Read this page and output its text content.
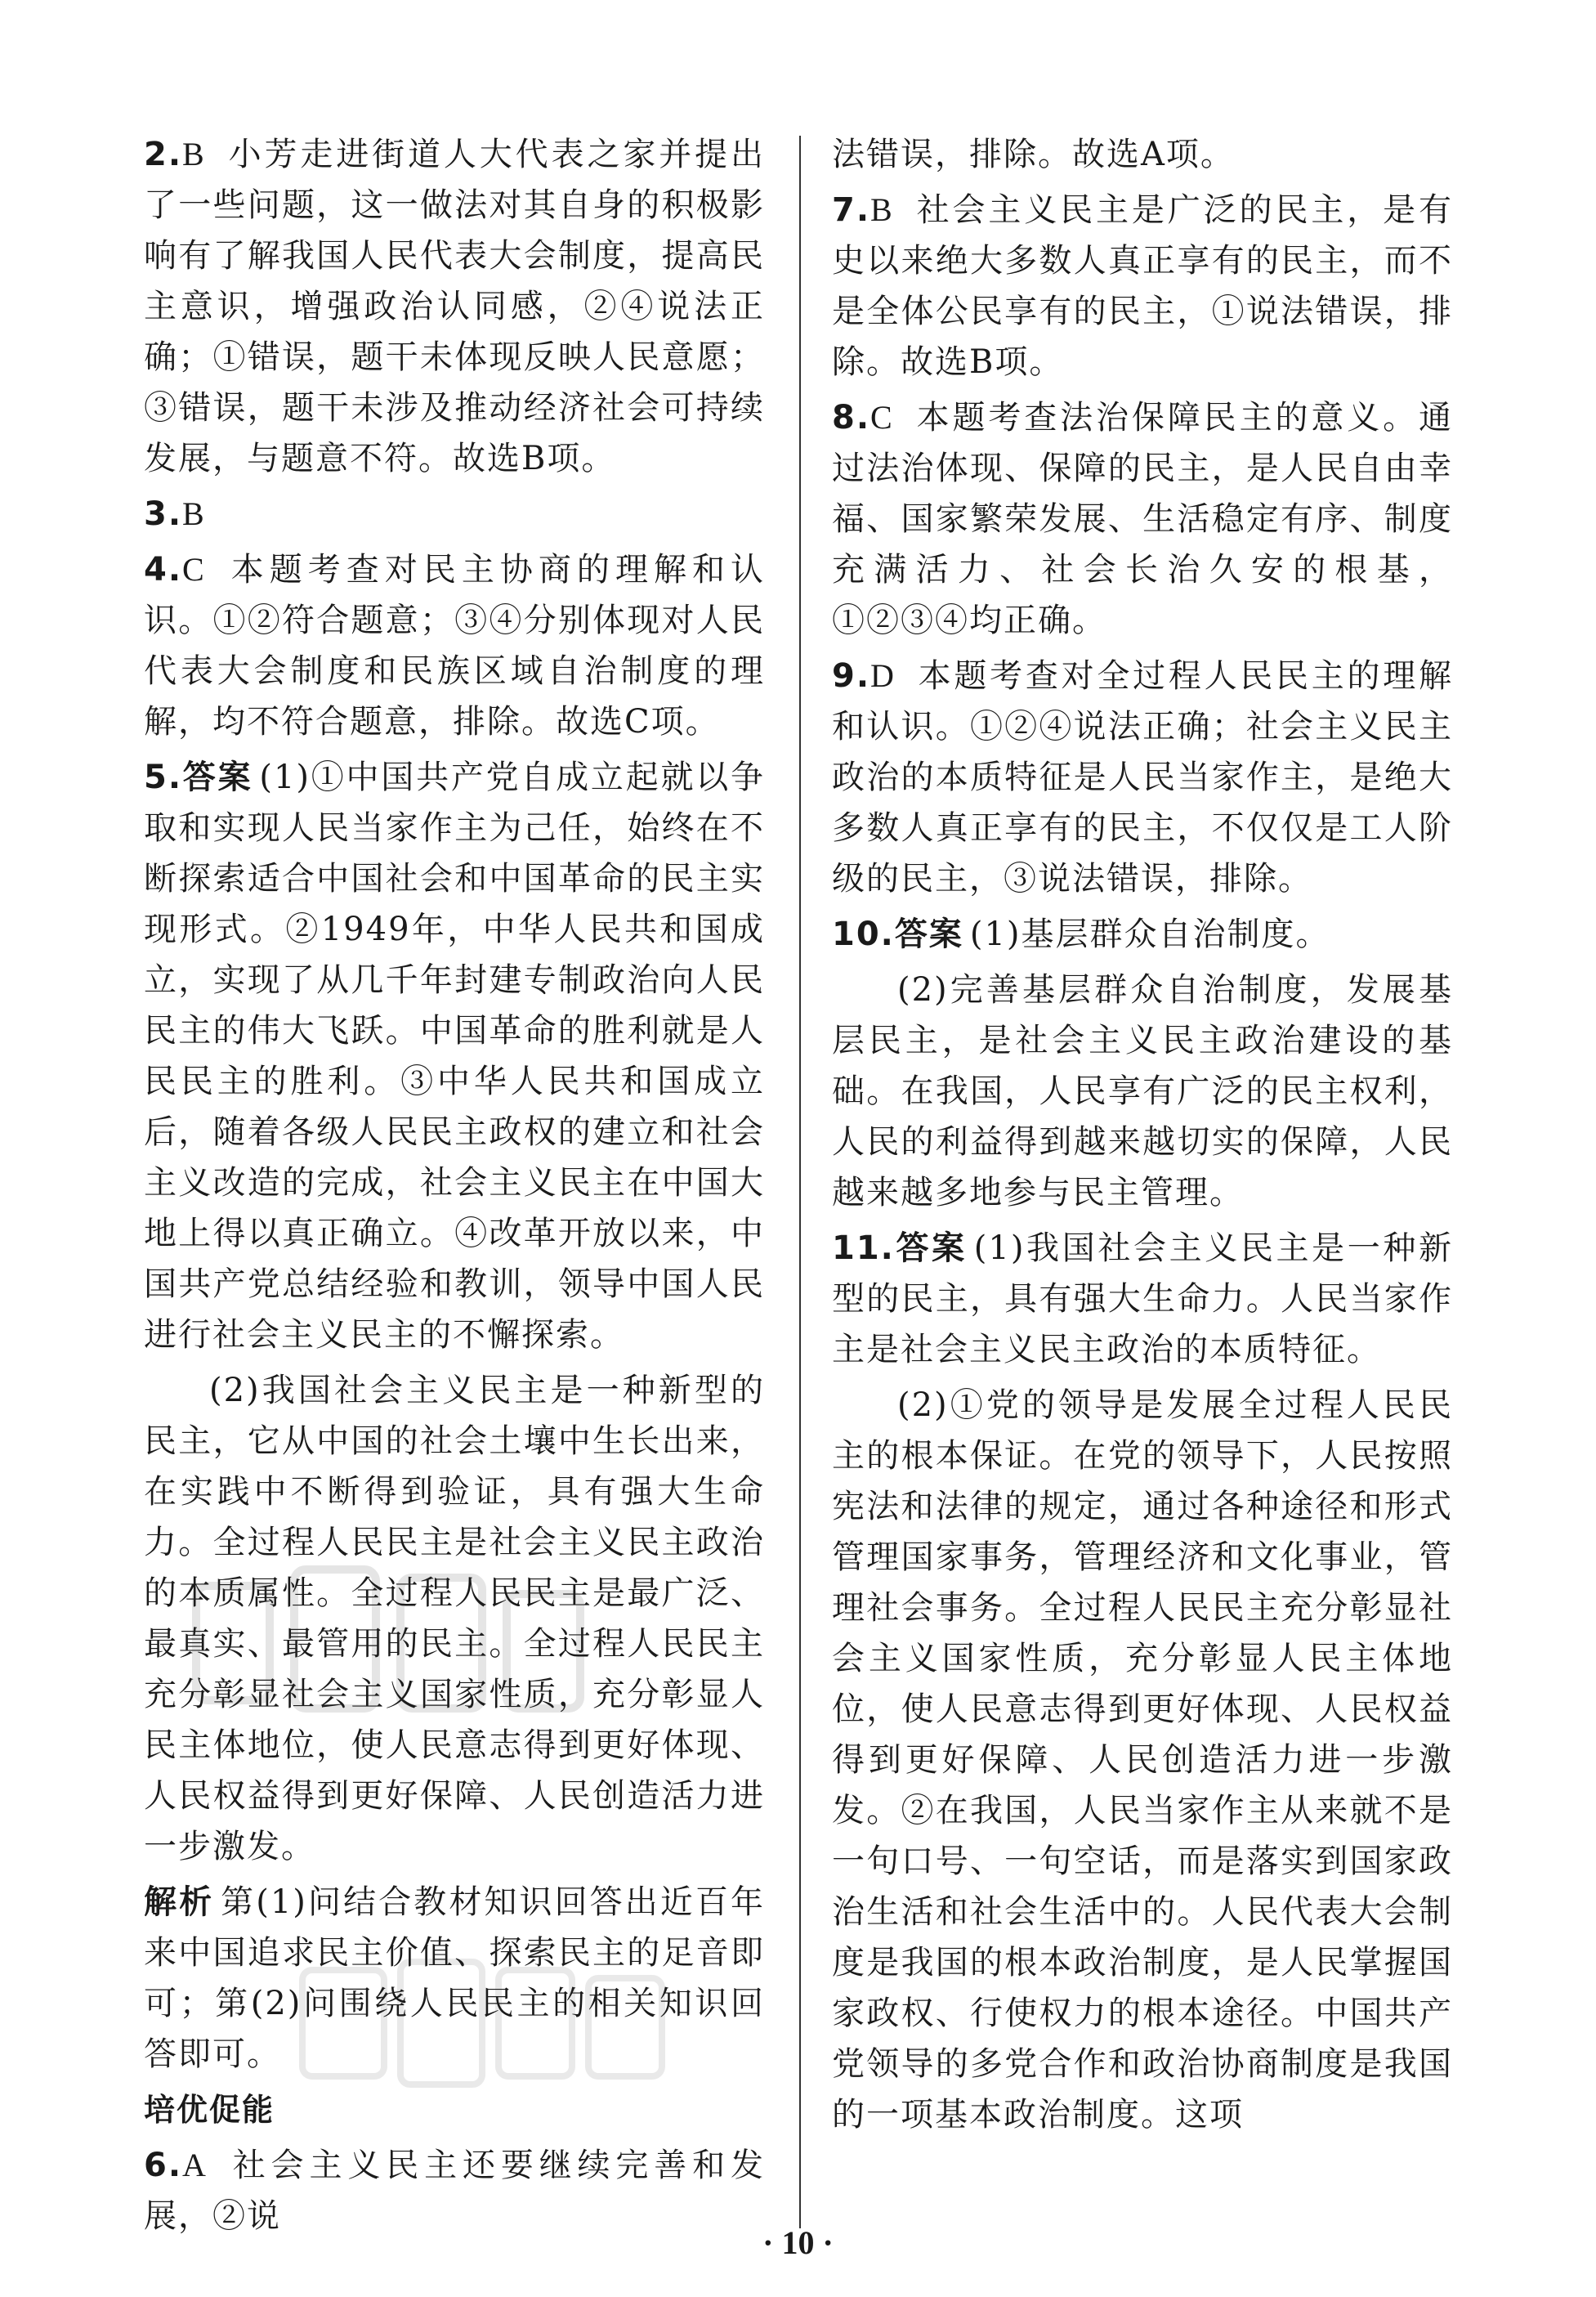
2.B 小芳走进街道人大代表之家并提出了一些问题，这一做法对其自身的积极影响有了解我国人民代表大会制度，提高民主意识，增强政治认同感，②④说法正确；①错误，题干未体现反映人民意愿；③错误，题干未涉及推动经济社会可持续发展，与题意不符。故选B项。

3.B

4.C 本题考查对民主协商的理解和认识。①②符合题意；③④分别体现对人民代表大会制度和民族区域自治制度的理解，均不符合题意，排除。故选C项。

5.答案 (1)①中国共产党自成立起就以争取和实现人民当家作主为己任，始终在不断探索适合中国社会和中国革命的民主实现形式。②1949年，中华人民共和国成立，实现了从几千年封建专制政治向人民民主的伟大飞跃。中国革命的胜利就是人民民主的胜利。③中华人民共和国成立后，随着各级人民民主政权的建立和社会主义改造的完成，社会主义民主在中国大地上得以真正确立。④改革开放以来，中国共产党总结经验和教训，领导中国人民进行社会主义民主的不懈探索。

(2)我国社会主义民主是一种新型的民主，它从中国的社会土壤中生长出来，在实践中不断得到验证，具有强大生命力。全过程人民民主是社会主义民主政治的本质属性。全过程人民民主是最广泛、最真实、最管用的民主。全过程人民民主充分彰显社会主义国家性质，充分彰显人民主体地位，使人民意志得到更好体现、人民权益得到更好保障、人民创造活力进一步激发。

解析 第(1)问结合教材知识回答出近百年来中国追求民主价值、探索民主的足音即可；第(2)问围绕人民民主的相关知识回答即可。

培优促能

6.A 社会主义民主还要继续完善和发展，②说

法错误，排除。故选A项。

7.B 社会主义民主是广泛的民主，是有史以来绝大多数人真正享有的民主，而不是全体公民享有的民主，①说法错误，排除。故选B项。

8.C 本题考查法治保障民主的意义。通过法治体现、保障的民主，是人民自由幸福、国家繁荣发展、生活稳定有序、制度充满活力、社会长治久安的根基，①②③④均正确。

9.D 本题考查对全过程人民民主的理解和认识。①②④说法正确；社会主义民主政治的本质特征是人民当家作主，是绝大多数人真正享有的民主，不仅仅是工人阶级的民主，③说法错误，排除。

10.答案 (1)基层群众自治制度。

(2)完善基层群众自治制度，发展基层民主，是社会主义民主政治建设的基础。在我国，人民享有广泛的民主权利，人民的利益得到越来越切实的保障，人民越来越多地参与民主管理。

11.答案 (1)我国社会主义民主是一种新型的民主，具有强大生命力。人民当家作主是社会主义民主政治的本质特征。

(2)①党的领导是发展全过程人民民主的根本保证。在党的领导下，人民按照宪法和法律的规定，通过各种途径和形式管理国家事务，管理经济和文化事业，管理社会事务。全过程人民民主充分彰显社会主义国家性质，充分彰显人民主体地位，使人民意志得到更好体现、人民权益得到更好保障、人民创造活力进一步激发。②在我国，人民当家作主从来就不是一句口号、一句空话，而是落实到国家政治生活和社会生活中的。人民代表大会制度是我国的根本政治制度，是人民掌握国家政权、行使权力的根本途径。中国共产党领导的多党合作和政治协商制度是我国的一项基本政治制度。这项

· 10 ·
